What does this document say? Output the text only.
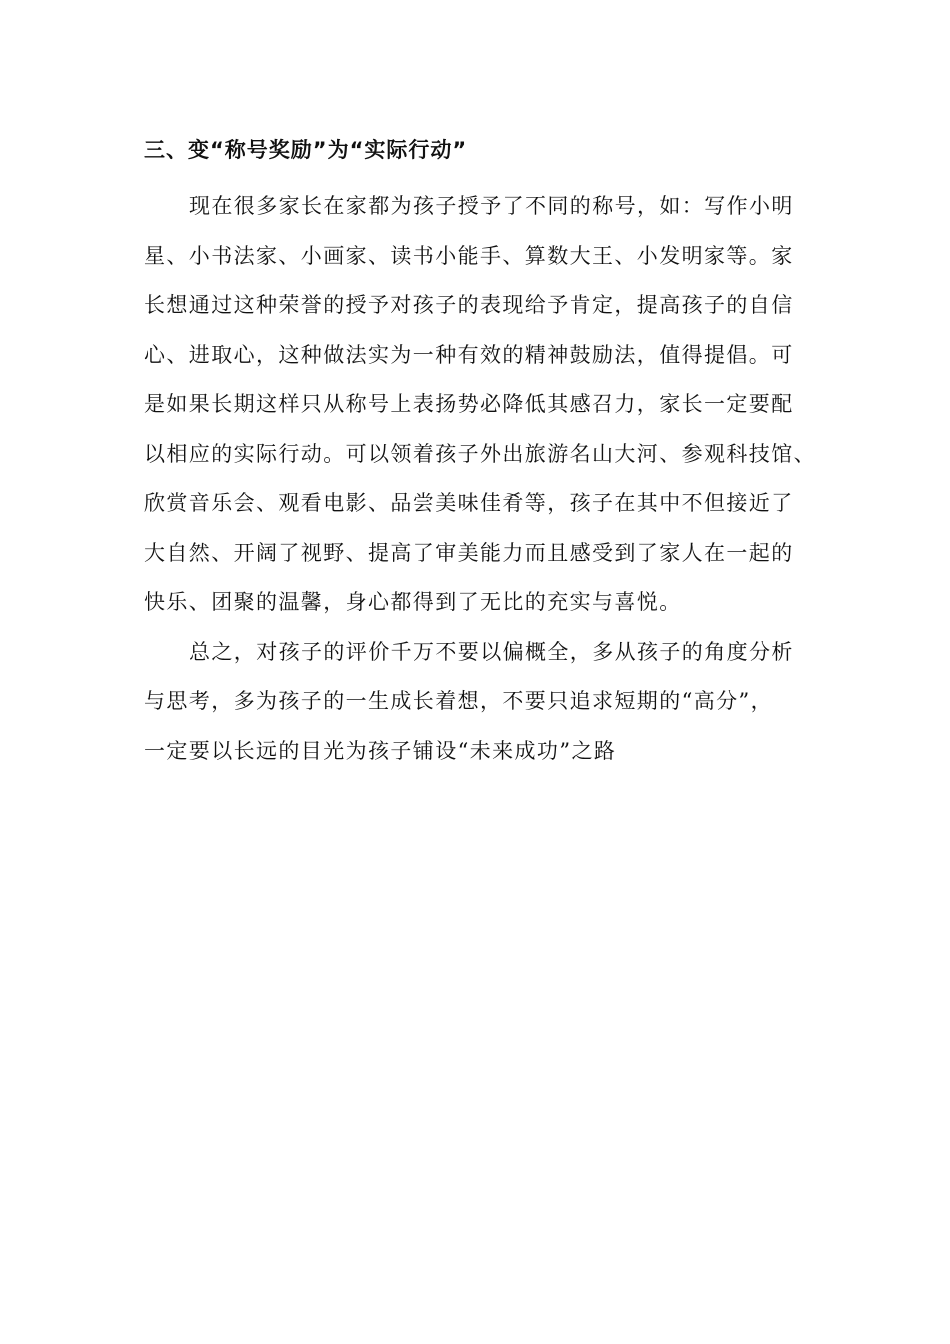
三、变“称号奖励”为“实际行动”
现在很多家长在家都为孩子授予了不同的称号，如：写作小明
星、小书法家、小画家、读书小能手、算数大王、小发明家等。家
长想通过这种荣誉的授予对孩子的表现给予肯定，提高孩子的自信
心、进取心，这种做法实为一种有效的精神鼓励法，值得提倡。可
是如果长期这样只从称号上表扬势必降低其感召力，家长一定要配
以相应的实际行动。可以领着孩子外出旅游名山大河、参观科技馆、
欣赏音乐会、观看电影、品尝美味佳肴等，孩子在其中不但接近了
大自然、开阔了视野、提高了审美能力而且感受到了家人在一起的
快乐、团聚的温馨，身心都得到了无比的充实与喜悦。
总之，对孩子的评价千万不要以偏概全，多从孩子的角度分析
与思考，多为孩子的一生成长着想，不要只追求短期的“高分”，
一定要以长远的目光为孩子铺设“未来成功”之路
